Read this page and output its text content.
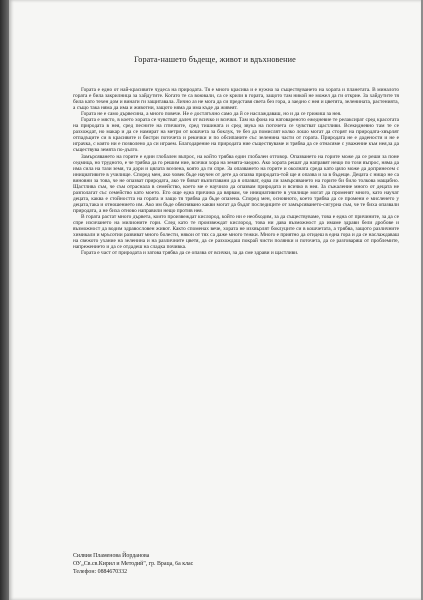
Гората-нашето бъдеще, живот и вдъхновение

Гората е едно от най-красивите чудеса на природата. Тя е много красива и е нужна за съществуването на хората и планетата. В миналото гората е била закрилница за хайдутите. Когато те са воювали, са се крили в гората, защото там никой не можел да ги открие. За хайдутите тя била като техен дом и винаги ги защитавала. Лично аз не мога да си представя света без гора, а заедно с нея и цветята, зеленината, растенията, а също така няма да има и животни, защото няма да има къде да живеят.

Гората не е само дървесина, а много повече. Не е достатъчно само да й се наслаждаваш, но и да се грижиш за нея.

Гората е място, в което хората се чувстват далеч от всичко и всички. Там на фона на натовареното ежедневие те релаксират сред красотата на природата в нея, сред песните на птичките, сред тишината и сред звука на поточета се чувстват щастливи. Всекидневно там те се разхождат, но макар и да се намират на метри от кошчета за боклук, те без да помислят колко лошо могат да сторят на природата-хвърлят отпадъците си в красивите и бистри поточета и рекички и по обсипаните със зеленина части от гората. Природата не е дадености и не е играчка, с която ни е позволено да си играем. Благодарение на природата ние съществуваме и трябва да се отнасяме с уважение към нея,за да съществува земята по-дълго.

Замърсяването на горите е един глобален въпрос, на който трябва един глобален отговор. Опазването на горите може да се реши за поне седмица, но трудното, е че трябва да го решим ние, всички хора на земята-заедно. Ако хората решат да направят нещо по този въпрос, няма да има сила на тази земя, та дори и цялата вселена, която да ги спре. За опазването на горите и околната среда като цяло може да допринесем с инициативите в училище. Според мен, ако човек бъде научен от дете да опазва природата-той ще я опазва и за в бъдеще. Децата с нищо не са виновни за това, че не опазват природата, ако те биват възпитавани да я опазват, едва ли замърсяването на горите би било толкова мащабно. Щастлива съм, че съм отраснала в семейство, което ме е научило да опазвам природата и всичко в нея. За съжаление много от децата не разполагат със семейство като моето. Ето още една причина да вярвам, че инициативите в училище могат да променят много, като научат децата, каква е стойността на гората и защо тя трябва да бъде опазена. Според мен, основното, което трябва да се промени е мисленето у децата,така и отношението им. Ако им бъде обяснявано какви могат да бъдат последиците от замърсяването-сигурна съм, че те биха опазвали природата, а не биха отново направили нещо против нея.

В гората растат много дървета, които произвеждат кислород, който ни е необходим, за да съществуваме, това е една от причините, за да се спре изсичането на милионите гори. След като те произвеждат кислород, това ни дава възможност да имаме здрави бели дробове и възможност да водим здравословен живот. Както споменах вече, хората не изхвърлят боклуците си в кошчетата, а трябва, защото различните химикали и мръсотии развиват много болести, някои от тях са даже много тежки. Много е приятно да отидеш в една гора и да се наслаждаваш на свежото ухание на зеленина и на различните цветя, да се разхождаш покрай чисти полянки и поточета, да се разговаряш от проблемите, напрежението и да се отдадеш на сладка почивка.

Гората е част от природата и затова трябва да се опазва от всички, за да сме здрави и щастливи.

Силвия Пламенова Йорданова
ОУ„Св.св.Кирил и Методий", гр. Враца, 6а клас
Телефон: 0884670332
